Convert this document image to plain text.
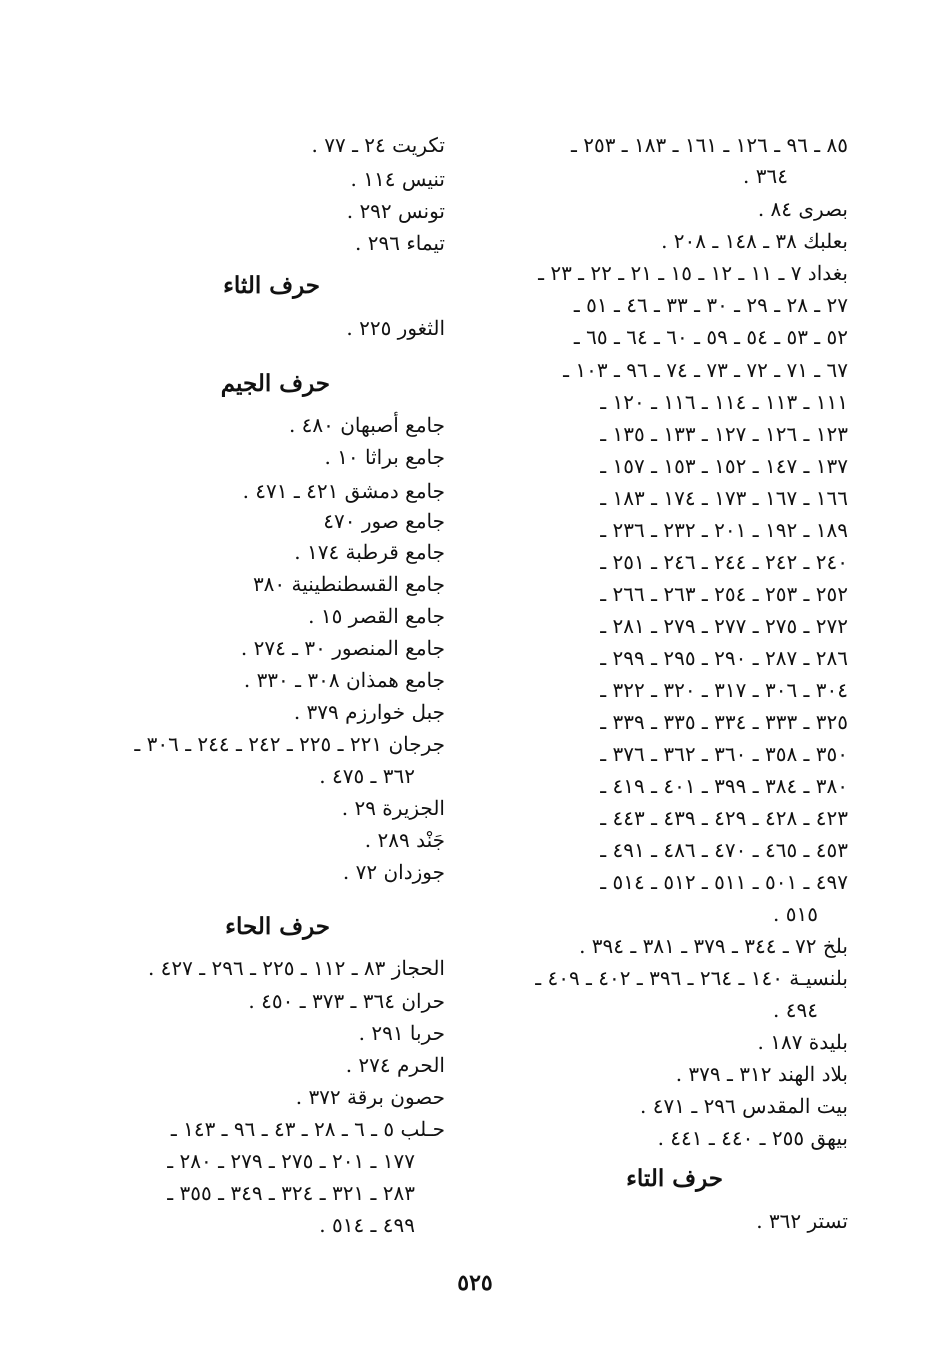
٨٥ ـ ٩٦ ـ ١٢٦ ـ ١٦١ ـ ١٨٣ ـ ٢٥٣ ـ
٣٦٤ .
بصرى ٨٤ .
بعلبك ٣٨ ـ ١٤٨ ـ ٢٠٨ .
بغداد ٧ ـ ١١ ـ ١٢ ـ ١٥ ـ ٢١ ـ ٢٢ ـ ٢٣ ـ
٢٧ ـ ٢٨ ـ ٢٩ ـ ٣٠ ـ ٣٣ ـ ٤٦ ـ ٥١ ـ
٥٢ ـ ٥٣ ـ ٥٤ ـ ٥٩ ـ ٦٠ ـ ٦٤ ـ ٦٥ ـ
٦٧ ـ ٧١ ـ ٧٢ ـ ٧٣ ـ ٧٤ ـ ٩٦ ـ ١٠٣ ـ
١١١ ـ ١١٣ ـ ١١٤ ـ ١١٦ ـ ١٢٠ ـ
١٢٣ ـ ١٢٦ ـ ١٢٧ ـ ١٣٣ ـ ١٣٥ ـ
١٣٧ ـ ١٤٧ ـ ١٥٢ ـ ١٥٣ ـ ١٥٧ ـ
١٦٦ ـ ١٦٧ ـ ١٧٣ ـ ١٧٤ ـ ١٨٣ ـ
١٨٩ ـ ١٩٢ ـ ٢٠١ ـ ٢٣٢ ـ ٢٣٦ ـ
٢٤٠ ـ ٢٤٢ ـ ٢٤٤ ـ ٢٤٦ ـ ٢٥١ ـ
٢٥٢ ـ ٢٥٣ ـ ٢٥٤ ـ ٢٦٣ ـ ٢٦٦ ـ
٢٧٢ ـ ٢٧٥ ـ ٢٧٧ ـ ٢٧٩ ـ ٢٨١ ـ
٢٨٦ ـ ٢٨٧ ـ ٢٩٠ ـ ٢٩٥ ـ ٢٩٩ ـ
٣٠٤ ـ ٣٠٦ ـ ٣١٧ ـ ٣٢٠ ـ ٣٢٢ ـ
٣٢٥ ـ ٣٣٣ ـ ٣٣٤ ـ ٣٣٥ ـ ٣٣٩ ـ
٣٥٠ ـ ٣٥٨ ـ ٣٦٠ ـ ٣٦٢ ـ ٣٧٦ ـ
٣٨٠ ـ ٣٨٤ ـ ٣٩٩ ـ ٤٠١ ـ ٤١٩ ـ
٤٢٣ ـ ٤٢٨ ـ ٤٢٩ ـ ٤٣٩ ـ ٤٤٣ ـ
٤٥٣ ـ ٤٦٥ ـ ٤٧٠ ـ ٤٨٦ ـ ٤٩١ ـ
٤٩٧ ـ ٥٠١ ـ ٥١١ ـ ٥١٢ ـ ٥١٤ ـ
٥١٥ .
بلخ ٧٢ ـ ٣٤٤ ـ ٣٧٩ ـ ٣٨١ ـ ٣٩٤ .
بلنسيـة ١٤٠ ـ ٢٦٤ ـ ٣٩٦ ـ ٤٠٢ ـ ٤٠٩ ـ
٤٩٤ .
بليدة ١٨٧ .
بلاد الهند ٣١٢ ـ ٣٧٩ .
بيت المقدس ٢٩٦ ـ ٤٧١ .
بيهق ٢٥٥ ـ ٤٤٠ ـ ٤٤١ .
حرف التاء
تستر ٣٦٢ .
تكريت ٢٤ ـ ٧٧ .
تنيس ١١٤ .
تونس ٢٩٢ .
تيماء ٢٩٦ .
حرف الثاء
الثغور ٢٢٥ .
حرف الجيم
جامع أصبهان ٤٨٠ .
جامع براثا ١٠ .
جامع دمشق ٤٢١ ـ ٤٧١ .
جامع صور ٤٧٠
جامع قرطبة ١٧٤ .
جامع القسطنطينية ٣٨٠
جامع القصر ١٥ .
جامع المنصور ٣٠ ـ ٢٧٤ .
جامع همذان ٣٠٨ ـ ٣٣٠ .
جبل خوارزم ٣٧٩ .
جرجان ٢٢١ ـ ٢٢٥ ـ ٢٤٢ ـ ٢٤٤ ـ ٣٠٦ ـ
٣٦٢ ـ ٤٧٥ .
الجزيرة ٢٩ .
جَنْد ٢٨٩ .
جوزدان ٧٢ .
حرف الحاء
الحجاز ٨٣ ـ ١١٢ ـ ٢٢٥ ـ ٢٩٦ ـ ٤٢٧ .
حران ٣٦٤ ـ ٣٧٣ ـ ٤٥٠ .
حربا ٢٩١ .
الحرم ٢٧٤ .
حصون برقة ٣٧٢ .
حـلب ٥ ـ ٦ ـ ٢٨ ـ ٤٣ ـ ٩٦ ـ ١٤٣ ـ
١٧٧ ـ ٢٠١ ـ ٢٧٥ ـ ٢٧٩ ـ ٢٨٠ ـ
٢٨٣ ـ ٣٢١ ـ ٣٢٤ ـ ٣٤٩ ـ ٣٥٥ ـ
٤٩٩ ـ ٥١٤ .
٥٢٥
